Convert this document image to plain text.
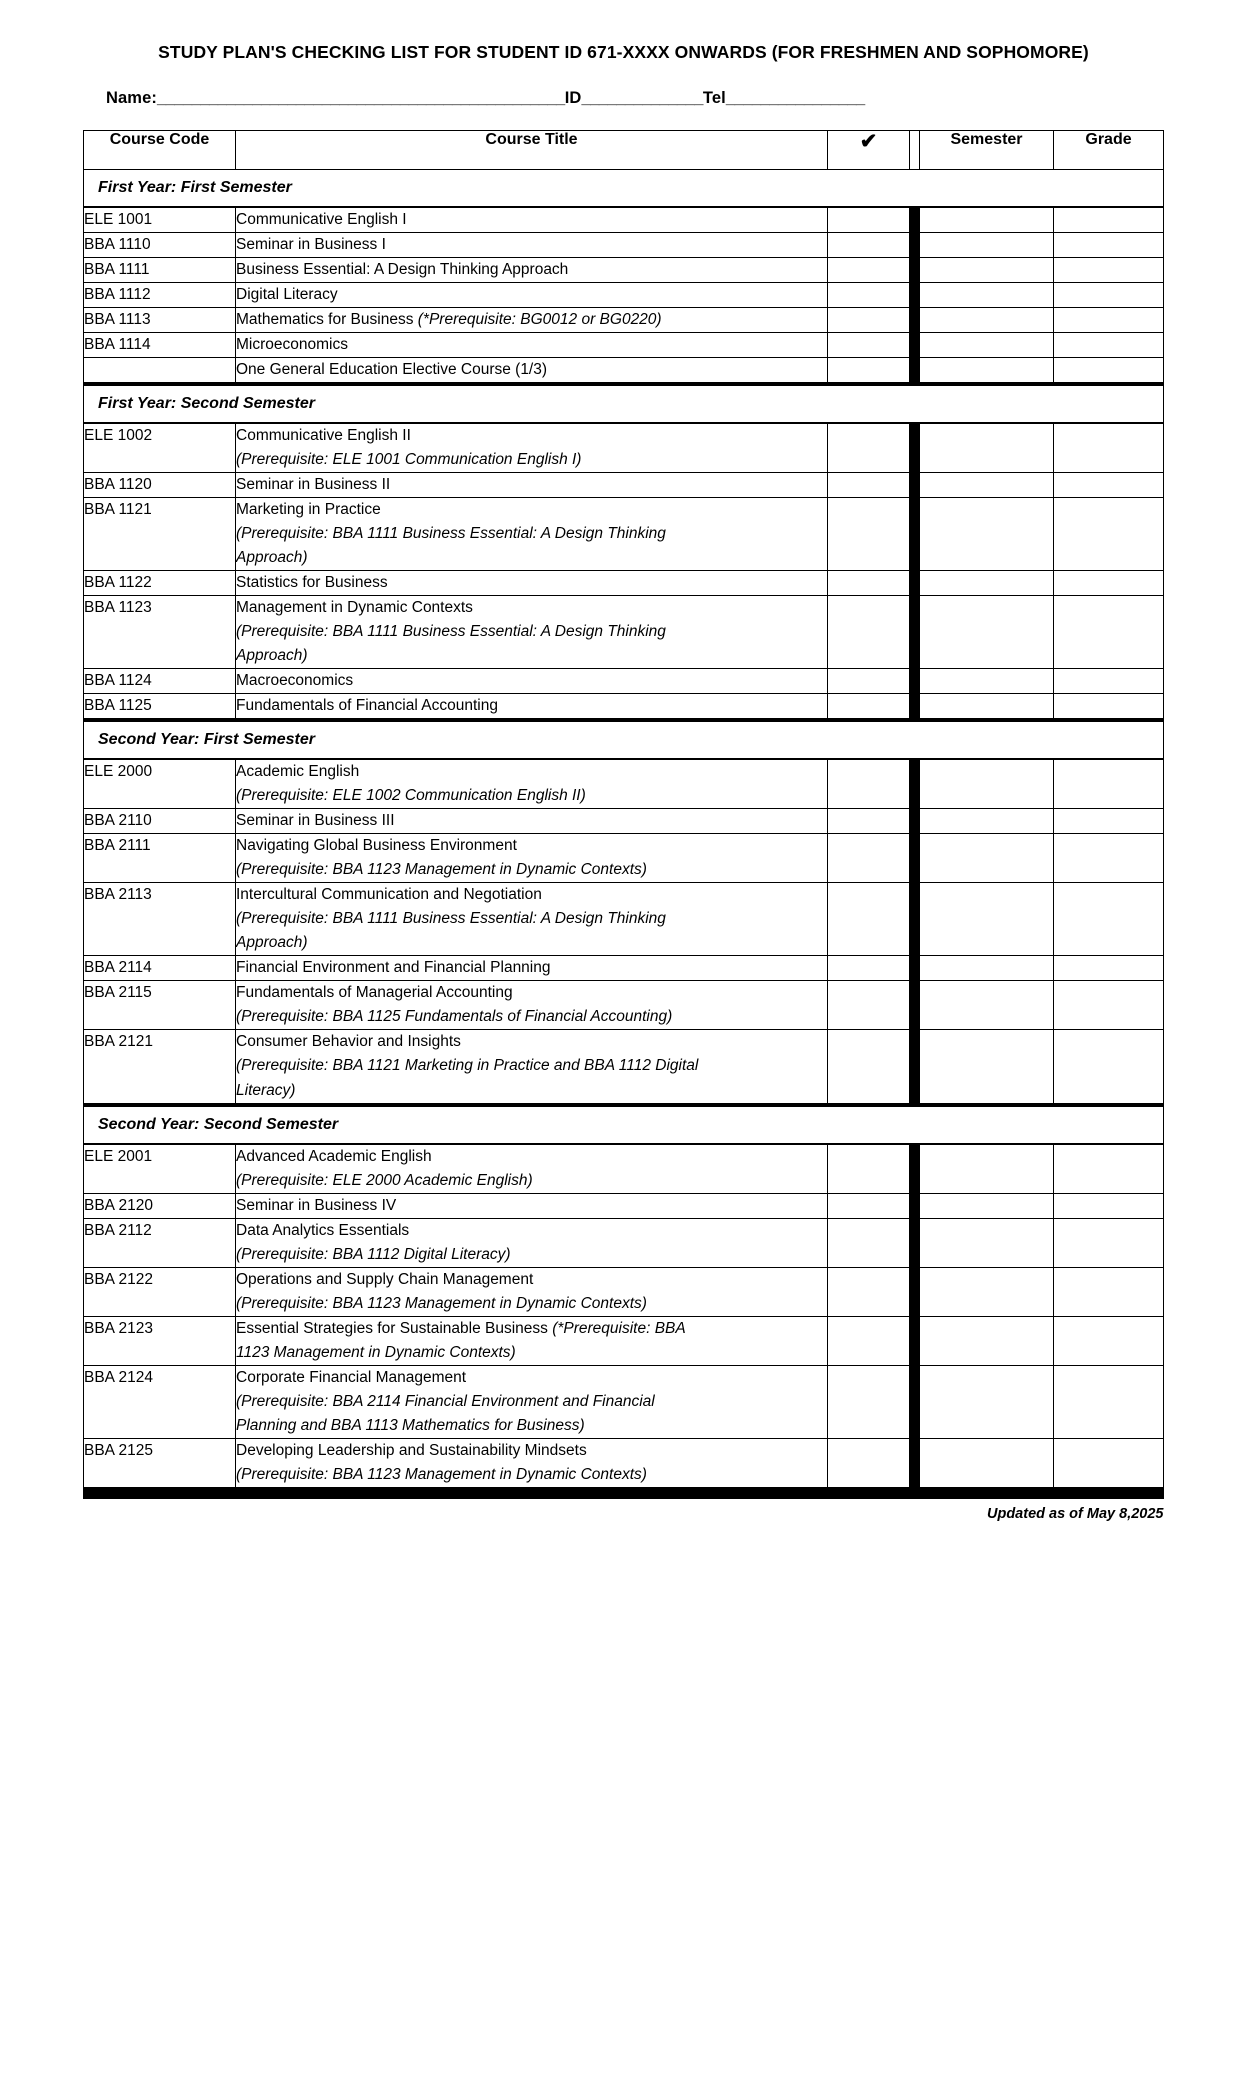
STUDY PLAN'S CHECKING LIST FOR STUDENT ID 671-XXXX ONWARDS (FOR FRESHMEN AND SOPHOMORE)
Name:_______________________________________________ID______________Tel________________
Course Code	Course Title	✔		Semester	Grade
First Year: First Semester					
ELE 1001	Communicative English I				

BBA 1110	Seminar in Business I				

BBA 1111	Business Essential: A Design Thinking Approach				

BBA 1112	Digital Literacy				

BBA 1113	Mathematics for Business (*Prerequisite: BG0012 or BG0220)				

BBA 1114	Microeconomics				

	One General Education Elective Course (1/3)				

First Year: Second Semester					
ELE 1002	Communicative English II
(Prerequisite: ELE 1001 Communication English I)				

BBA 1120	Seminar in Business II				

BBA 1121	Marketing in Practice
(Prerequisite: BBA 1111 Business Essential: A Design Thinking
Approach)				

BBA 1122	Statistics for Business				

BBA 1123	Management in Dynamic Contexts
(Prerequisite: BBA 1111 Business Essential: A Design Thinking
Approach)				

BBA 1124	Macroeconomics				

BBA 1125	Fundamentals of Financial Accounting				

Second Year: First Semester					
ELE 2000	Academic English
(Prerequisite: ELE 1002 Communication English II)				

BBA 2110	Seminar in Business III				

BBA 2111	Navigating Global Business Environment
(Prerequisite: BBA 1123 Management in Dynamic Contexts)				

BBA 2113	Intercultural Communication and Negotiation
(Prerequisite: BBA 1111 Business Essential: A Design Thinking
Approach)				

BBA 2114	Financial Environment and Financial Planning				

BBA 2115	Fundamentals of Managerial Accounting
(Prerequisite: BBA 1125 Fundamentals of Financial Accounting)				

BBA 2121	Consumer Behavior and Insights
(Prerequisite: BBA 1121 Marketing in Practice and BBA 1112 Digital
Literacy)				

Second Year: Second Semester					
ELE 2001	Advanced Academic English
(Prerequisite: ELE 2000 Academic English)				

BBA 2120	Seminar in Business IV				

BBA 2112	Data Analytics Essentials
(Prerequisite: BBA 1112 Digital Literacy)				

BBA 2122	Operations and Supply Chain Management
(Prerequisite: BBA 1123 Management in Dynamic Contexts)				

BBA 2123	Essential Strategies for Sustainable Business (*Prerequisite: BBA
1123 Management in Dynamic Contexts)				

BBA 2124	Corporate Financial Management
(Prerequisite: BBA 2114 Financial Environment and Financial
Planning and BBA 1113 Mathematics for Business)				

BBA 2125	Developing Leadership and Sustainability Mindsets
(Prerequisite: BBA 1123 Management in Dynamic Contexts)				

Updated as of May 8,2025
